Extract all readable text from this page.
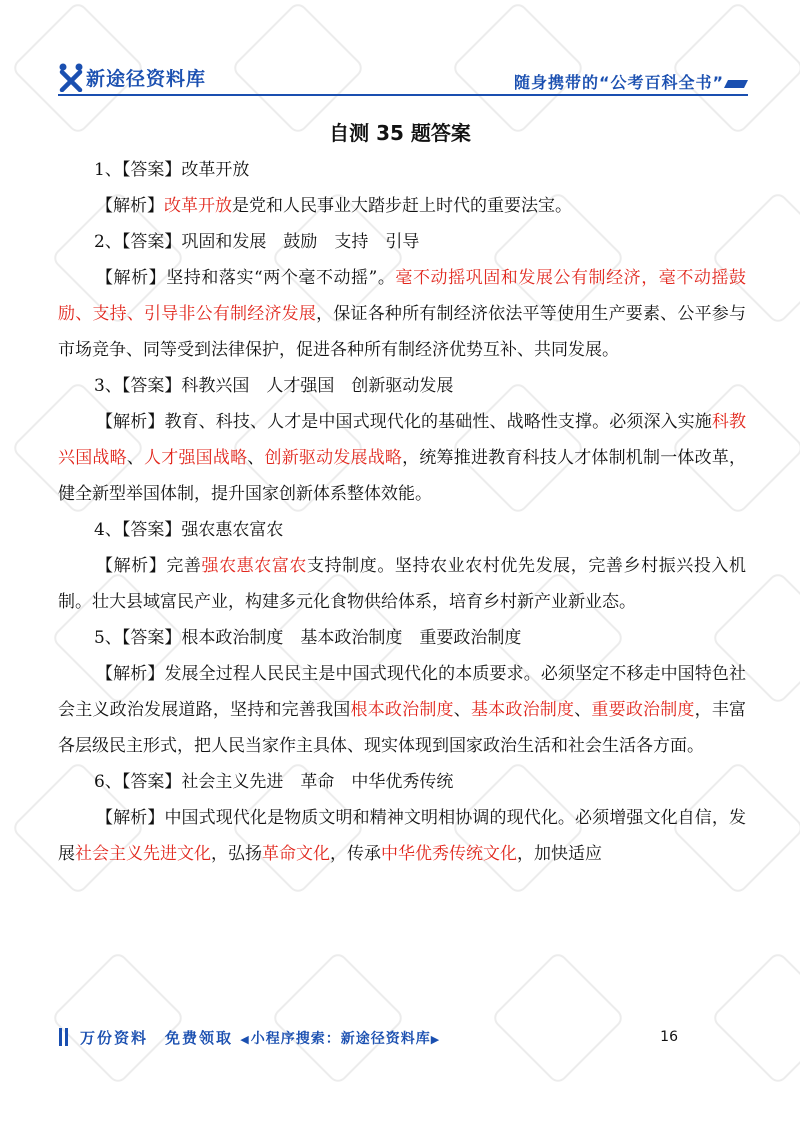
新途径资料库	随身携带的“公考百科全书”
自测 35 题答案

1、【答案】改革开放

【解析】改革开放是党和人民事业大踏步赶上时代的重要法宝。

2、【答案】巩固和发展　鼓励　支持　引导

【解析】坚持和落实“两个毫不动摇”。毫不动摇巩固和发展公有制经济，毫不动摇鼓励、支持、引导非公有制经济发展，保证各种所有制经济依法平等使用生产要素、公平参与市场竞争、同等受到法律保护，促进各种所有制经济优势互补、共同发展。

3、【答案】科教兴国　人才强国　创新驱动发展

【解析】教育、科技、人才是中国式现代化的基础性、战略性支撑。必须深入实施科教兴国战略、人才强国战略、创新驱动发展战略，统筹推进教育科技人才体制机制一体改革，健全新型举国体制，提升国家创新体系整体效能。

4、【答案】强农惠农富农

【解析】完善强农惠农富农支持制度。坚持农业农村优先发展，完善乡村振兴投入机制。壮大县域富民产业，构建多元化食物供给体系，培育乡村新产业新业态。

5、【答案】根本政治制度　基本政治制度　重要政治制度

【解析】发展全过程人民民主是中国式现代化的本质要求。必须坚定不移走中国特色社会主义政治发展道路，坚持和完善我国根本政治制度、基本政治制度、重要政治制度，丰富各层级民主形式，把人民当家作主具体、现实体现到国家政治生活和社会生活各方面。

6、【答案】社会主义先进　革命　中华优秀传统

【解析】中国式现代化是物质文明和精神文明相协调的现代化。必须增强文化自信，发展社会主义先进文化，弘扬革命文化，传承中华优秀传统文化，加快适应

万份资料　免费领取 ◀小程序搜索：新途径资料库▶	16
